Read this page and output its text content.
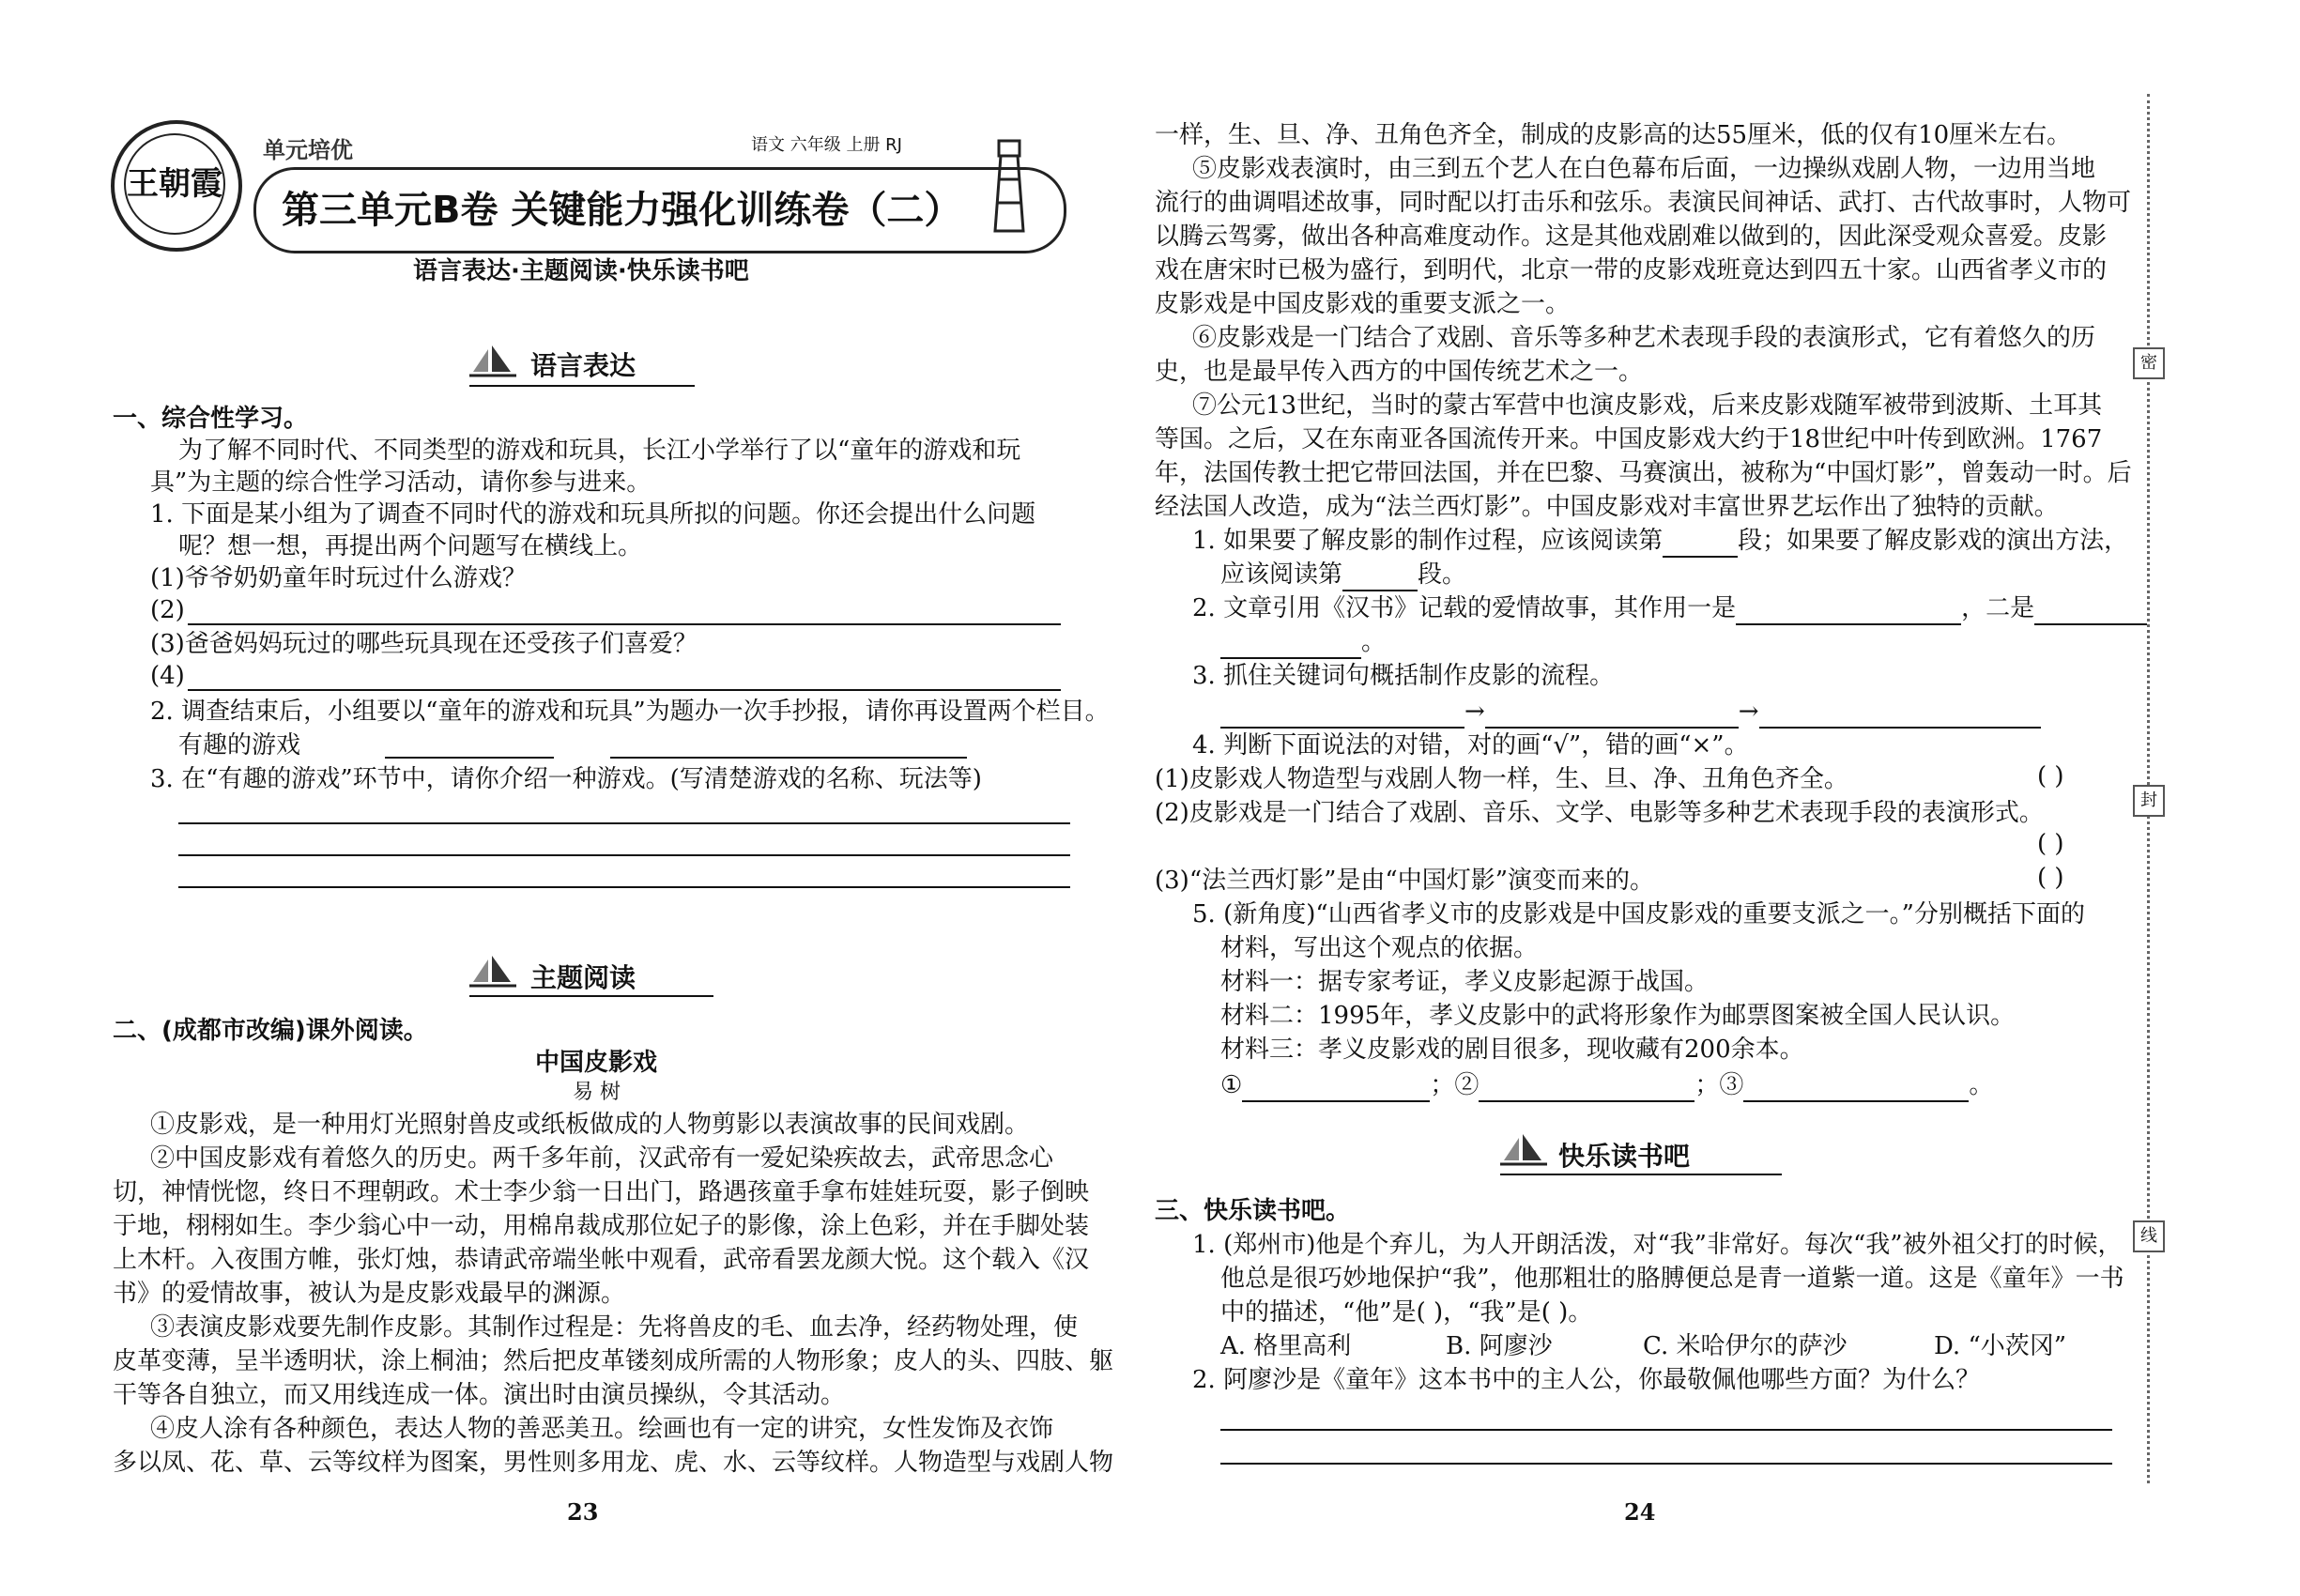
王朝霞
单元培优	语文 六年级 上册 RJ
第三单元B卷 关键能力强化训练卷（二）
语言表达·主题阅读·快乐读书吧
语言表达
一、综合性学习。
为了解不同时代、不同类型的游戏和玩具，长江小学举行了以“童年的游戏和玩
具”为主题的综合性学习活动，请你参与进来。
1. 下面是某小组为了调查不同时代的游戏和玩具所拟的问题。你还会提出什么问题
呢？想一想，再提出两个问题写在横线上。
(1)爷爷奶奶童年时玩过什么游戏？
(2)
(3)爸爸妈妈玩过的哪些玩具现在还受孩子们喜爱？
(4)
2. 调查结束后，小组要以“童年的游戏和玩具”为题办一次手抄报，请你再设置两个栏目。
有趣的游戏
3. 在“有趣的游戏”环节中，请你介绍一种游戏。(写清楚游戏的名称、玩法等)
主题阅读
二、(成都市改编)课外阅读。
中国皮影戏
易 树
①皮影戏，是一种用灯光照射兽皮或纸板做成的人物剪影以表演故事的民间戏剧。
②中国皮影戏有着悠久的历史。两千多年前，汉武帝有一爱妃染疾故去，武帝思念心
切，神情恍惚，终日不理朝政。术士李少翁一日出门，路遇孩童手拿布娃娃玩耍，影子倒映
于地，栩栩如生。李少翁心中一动，用棉帛裁成那位妃子的影像，涂上色彩，并在手脚处装
上木杆。入夜围方帷，张灯烛，恭请武帝端坐帐中观看，武帝看罢龙颜大悦。这个载入《汉
书》的爱情故事，被认为是皮影戏最早的渊源。
③表演皮影戏要先制作皮影。其制作过程是：先将兽皮的毛、血去净，经药物处理，使
皮革变薄，呈半透明状，涂上桐油；然后把皮革镂刻成所需的人物形象；皮人的头、四肢、躯
干等各自独立，而又用线连成一体。演出时由演员操纵，令其活动。
④皮人涂有各种颜色，表达人物的善恶美丑。绘画也有一定的讲究，女性发饰及衣饰
多以凤、花、草、云等纹样为图案，男性则多用龙、虎、水、云等纹样。人物造型与戏剧人物
23
一样，生、旦、净、丑角色齐全，制成的皮影高的达55厘米，低的仅有10厘米左右。
⑤皮影戏表演时，由三到五个艺人在白色幕布后面，一边操纵戏剧人物，一边用当地
流行的曲调唱述故事，同时配以打击乐和弦乐。表演民间神话、武打、古代故事时，人物可
以腾云驾雾，做出各种高难度动作。这是其他戏剧难以做到的，因此深受观众喜爱。皮影
戏在唐宋时已极为盛行，到明代，北京一带的皮影戏班竟达到四五十家。山西省孝义市的
皮影戏是中国皮影戏的重要支派之一。
⑥皮影戏是一门结合了戏剧、音乐等多种艺术表现手段的表演形式，它有着悠久的历
史，也是最早传入西方的中国传统艺术之一。
⑦公元13世纪，当时的蒙古军营中也演皮影戏，后来皮影戏随军被带到波斯、土耳其
等国。之后，又在东南亚各国流传开来。中国皮影戏大约于18世纪中叶传到欧洲。1767
年，法国传教士把它带回法国，并在巴黎、马赛演出，被称为“中国灯影”，曾轰动一时。后
经法国人改造，成为“法兰西灯影”。中国皮影戏对丰富世界艺坛作出了独特的贡献。
1. 如果要了解皮影的制作过程，应该阅读第	段；如果要了解皮影戏的演出方法，
应该阅读第	段。
2. 文章引用《汉书》记载的爱情故事，其作用一是	，二是
。
3. 抓住关键词句概括制作皮影的流程。
→	→
4. 判断下面说法的对错，对的画“√”，错的画“×”。
(1)皮影戏人物造型与戏剧人物一样，生、旦、净、丑角色齐全。	( )
(2)皮影戏是一门结合了戏剧、音乐、文学、电影等多种艺术表现手段的表演形式。
( )
(3)“法兰西灯影”是由“中国灯影”演变而来的。	( )
5. (新角度)“山西省孝义市的皮影戏是中国皮影戏的重要支派之一。”分别概括下面的
材料，写出这个观点的依据。
材料一：据专家考证，孝义皮影起源于战国。
材料二：1995年，孝义皮影中的武将形象作为邮票图案被全国人民认识。
材料三：孝义皮影戏的剧目很多，现收藏有200余本。
①	；②	；③	。
快乐读书吧
三、快乐读书吧。
1. (郑州市)他是个弃儿，为人开朗活泼，对“我”非常好。每次“我”被外祖父打的时候，
他总是很巧妙地保护“我”，他那粗壮的胳膊便总是青一道紫一道。这是《童年》一书
中的描述，“他”是( )，“我”是( )。
A. 格里高利	B. 阿廖沙	C. 米哈伊尔的萨沙	D. “小茨冈”
2. 阿廖沙是《童年》这本书中的主人公，你最敬佩他哪些方面？为什么？
24
密
封
线
